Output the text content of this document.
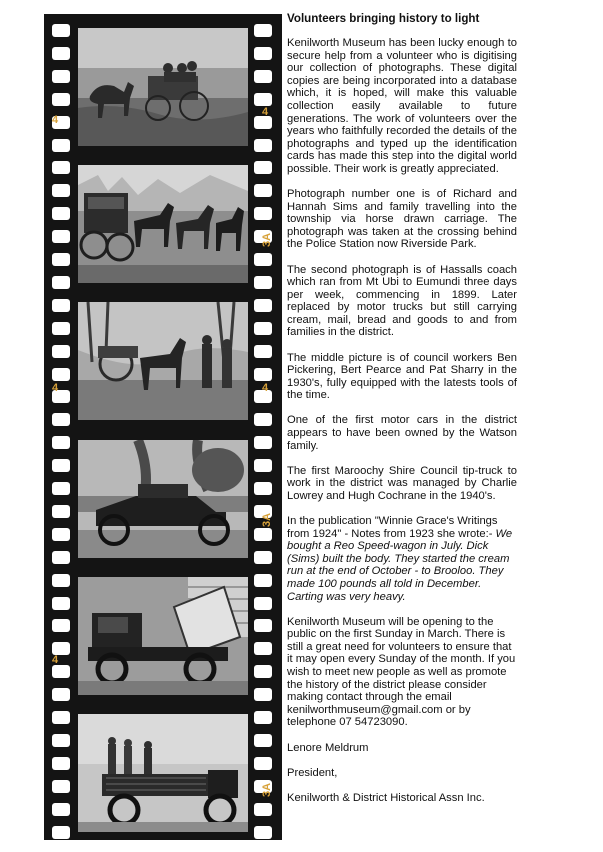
4
4
3A
4	4
3A
4
3A
Volunteers bringing history to light

Kenilworth Museum has been lucky enough to secure help from a volunteer who is digitising our collection of photographs. These digital copies are being incorporated into a database which, it is hoped, will make this valuable collection easily available to future generations. The work of volunteers over the years who faithfully recorded the details of the photographs and typed up the identification cards has made this step into the digital world possible. Their work is greatly appreciated.

Photograph number one is of Richard and Hannah Sims and family travelling into the township via horse drawn carriage. The photograph was taken at the crossing behind the Police Station now Riverside Park.

The second photograph is of Hassalls coach which ran from Mt Ubi to Eumundi three days per week, commencing in 1899. Later replaced by motor trucks but still carrying cream, mail, bread and goods to and from families in the district.

The middle picture is of council workers Ben Pickering, Bert Pearce and Pat Sharry in the 1930's, fully equipped with the latests tools of the time.

One of the first motor cars in the district appears to have been owned by the Watson family.

The first Maroochy Shire Council tip-truck to work in the district was managed by Charlie Lowrey and Hugh Cochrane in the 1940's.

In the publication "Winnie Grace's Writings from 1924" - Notes from 1923 she wrote:- We bought a Reo Speed-wagon in July. Dick (Sims) built the body. They started the cream run at the end of October - to Brooloo. They made 100 pounds all told in December. Carting was very heavy.

Kenilworth Museum will be opening to the public on the first Sunday in March. There is still a great need for volunteers to ensure that it may open every Sunday of the month. If you wish to meet new people as well as promote the history of the district please consider making contact through the email kenilworthmuseum@gmail.com or by telephone 07 54723090.

Lenore Meldrum

President,

Kenilworth & District Historical Assn Inc.
